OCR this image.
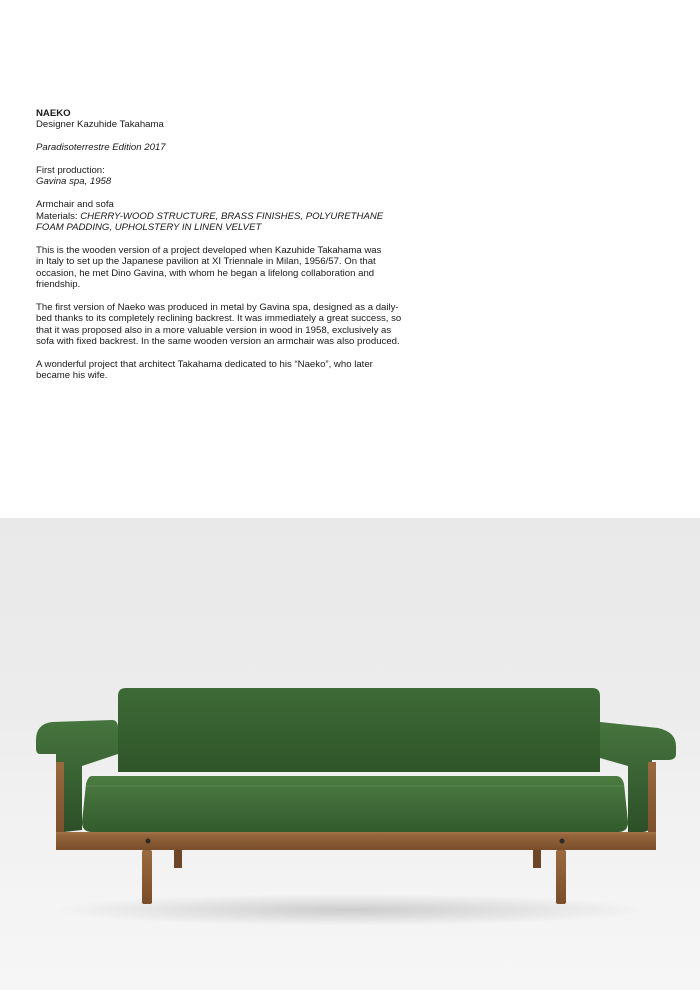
NAEKO

Designer Kazuhide Takahama

Paradisoterrestre Edition 2017

First production:

Gavina spa, 1958

Armchair and sofa

Materials: CHERRY-WOOD STRUCTURE, BRASS FINISHES, POLYURETHANE

FOAM PADDING, UPHOLSTERY IN LINEN VELVET

This is the wooden version of a project developed when Kazuhide Takahama was

in Italy to set up the Japanese pavilion at XI Triennale in Milan, 1956/57. On that

occasion, he met Dino Gavina, with whom he began a lifelong collaboration and

friendship.

The first version of Naeko was produced in metal by Gavina spa, designed as a daily-

bed thanks to its completely reclining backrest. It was immediately a great success, so

that it was proposed also in a more valuable version in wood in 1958, exclusively as

sofa with fixed backrest. In the same wooden version an armchair was also produced.

A wonderful project that architect Takahama dedicated to his “Naeko”, who later

became his wife.
